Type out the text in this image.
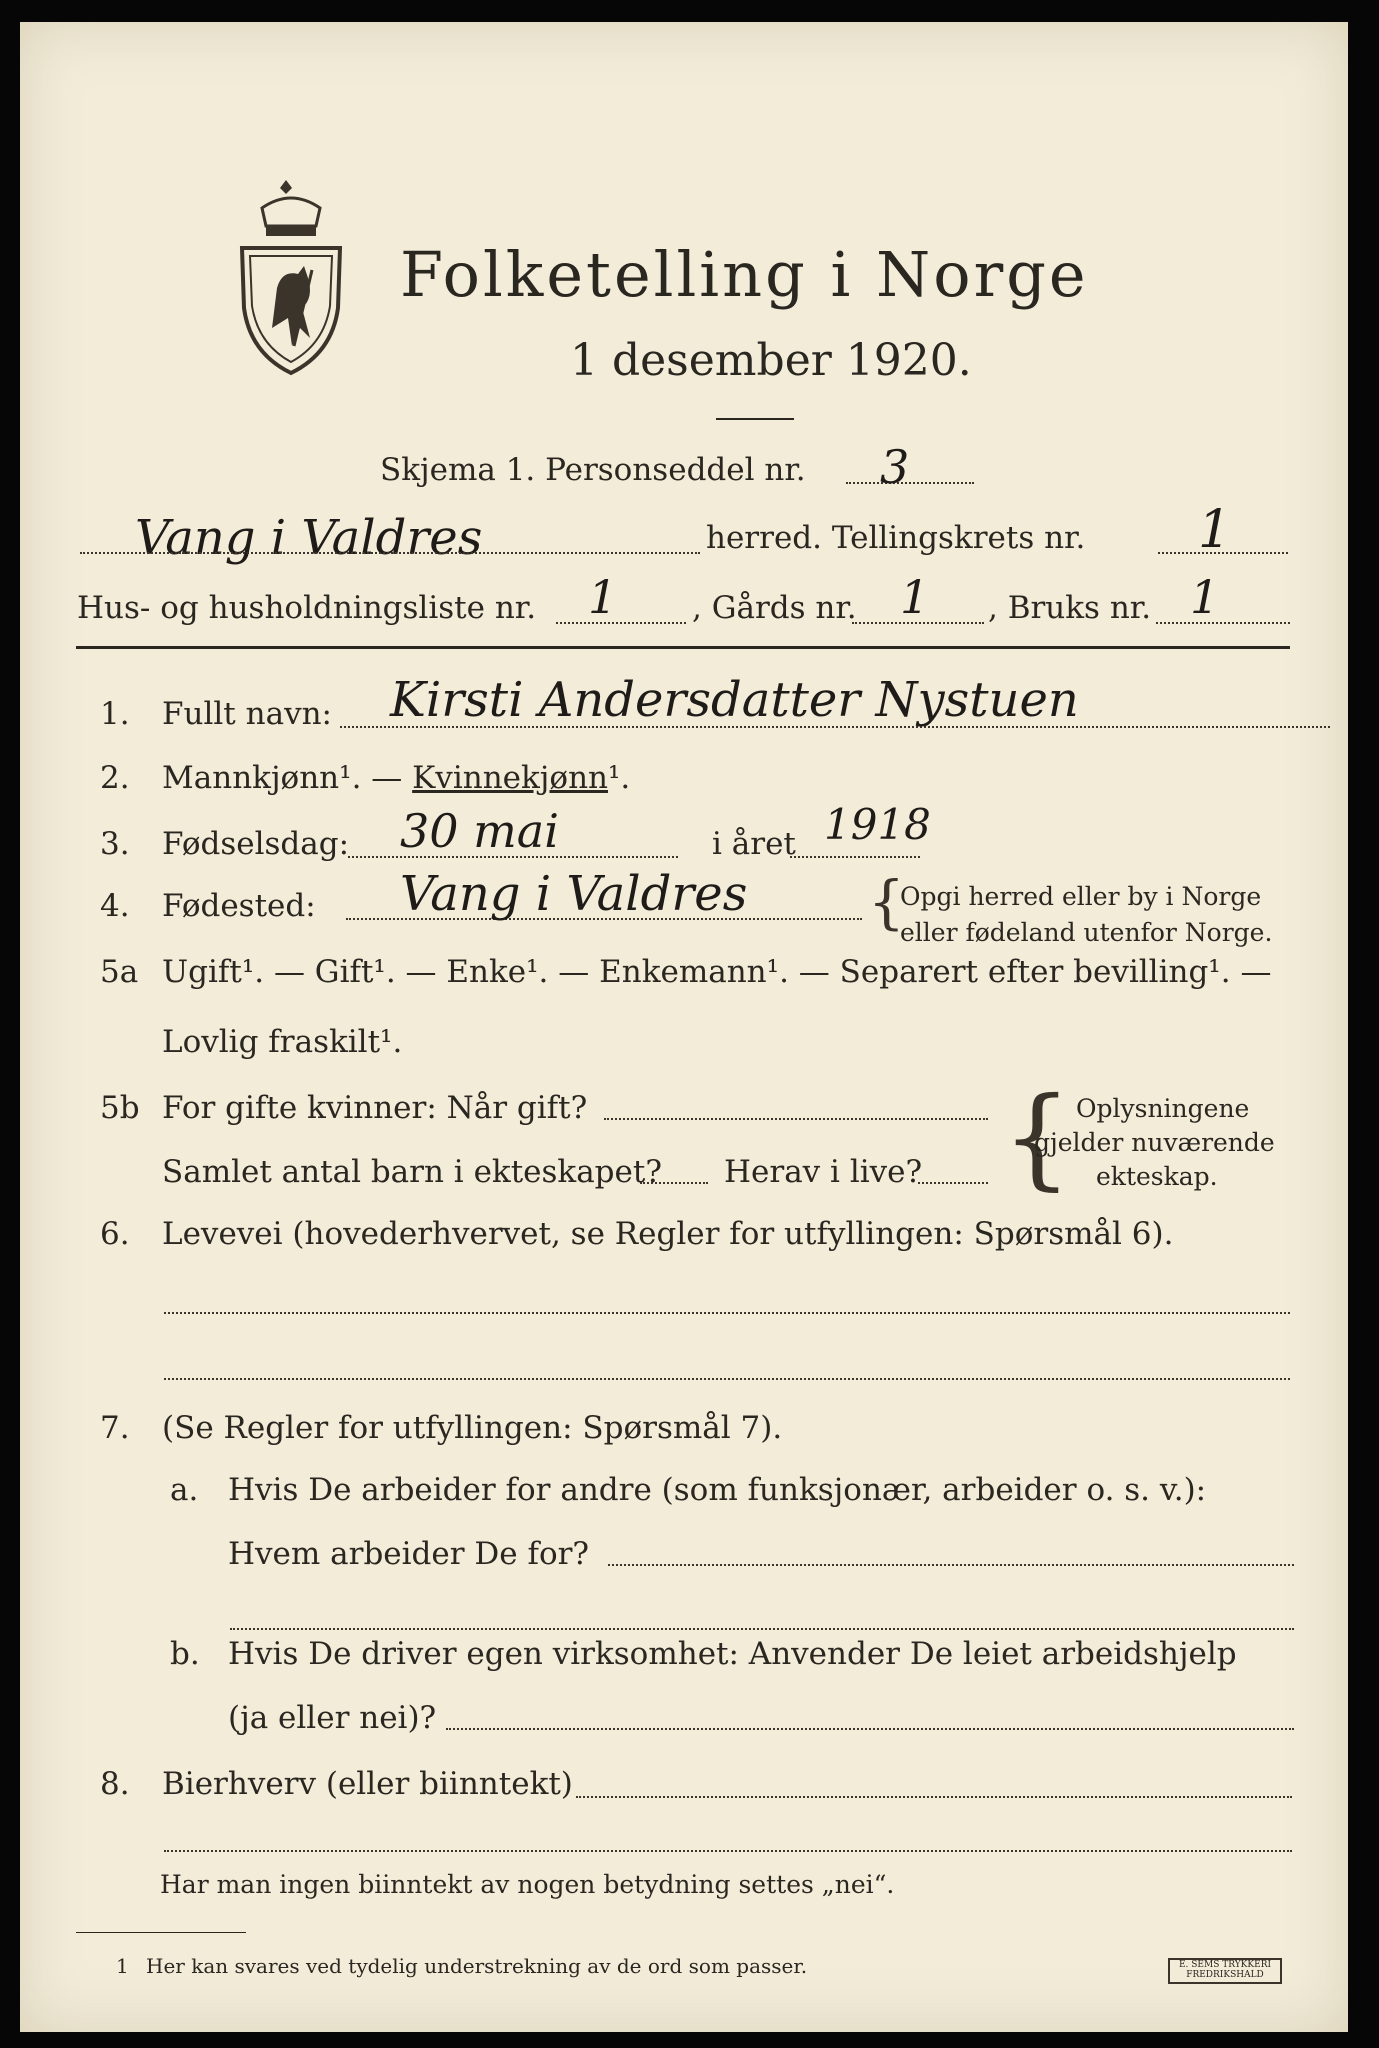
Folketelling i Norge
1 desember 1920.
Skjema 1. Personseddel nr. 3
Vang i Valdres	herred. Tellingskrets nr. 1
Hus- og husholdningsliste nr. 1 , Gårds nr. 1 , Bruks nr. 1
1. Fullt navn: Kirsti Andersdatter Nystuen
2. Mannkjønn¹. — Kvinnekjønn¹.
3. Fødselsdag: 30 mai	i året 1918
4. Fødested: Vang i Valdres {
Opgi herred eller by i Norge
eller fødeland utenfor Norge.
5a Ugift¹. — Gift¹. — Enke¹. — Enkemann¹. — Separert efter bevilling¹. —
Lovlig fraskilt¹.
5b For gifte kvinner: Når gift?
Samlet antal barn i ekteskapet? Herav i live? { Oplysningene
gjelder nuværende
ekteskap.
6. Levevei (hovederhvervet, se Regler for utfyllingen: Spørsmål 6).
7. (Se Regler for utfyllingen: Spørsmål 7).
a. Hvis De arbeider for andre (som funksjonær, arbeider o. s. v.):
Hvem arbeider De for?
b. Hvis De driver egen virksomhet: Anvender De leiet arbeidshjelp
(ja eller nei)?
8. Bierhverv (eller biinntekt)
Har man ingen biinntekt av nogen betydning settes „nei“.
1 Her kan svares ved tydelig understrekning av de ord som passer.	E. SEMS TRYKKERI FREDRIKSHALD
